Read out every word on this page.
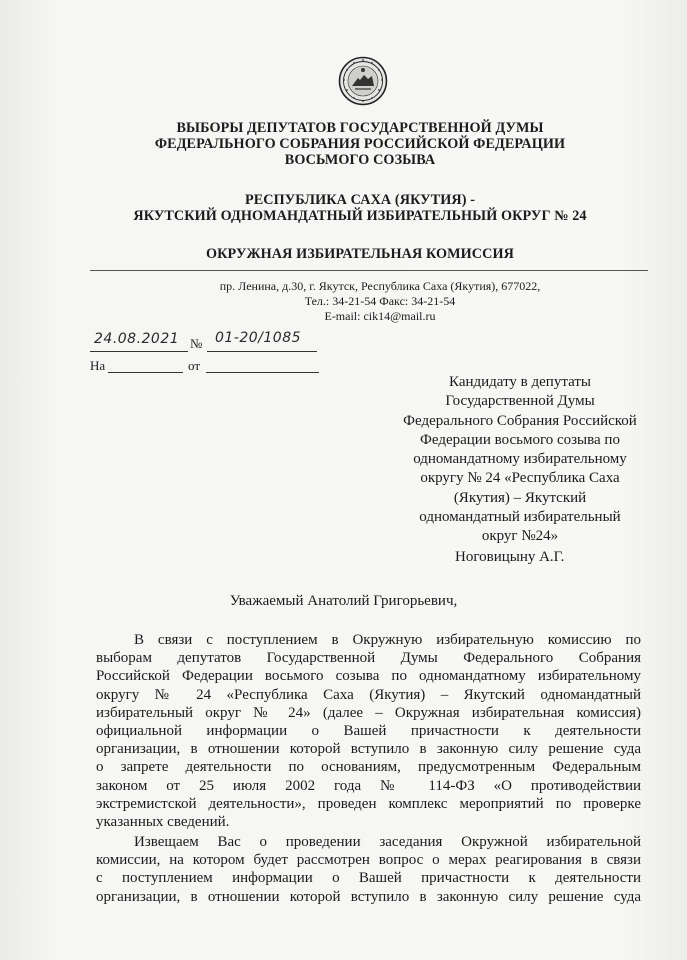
ВЫБОРЫ ДЕПУТАТОВ ГОСУДАРСТВЕННОЙ ДУМЫ
ФЕДЕРАЛЬНОГО СОБРАНИЯ РОССИЙСКОЙ ФЕДЕРАЦИИ
ВОСЬМОГО СОЗЫВА
РЕСПУБЛИКА САХА (ЯКУТИЯ) -
ЯКУТСКИЙ ОДНОМАНДАТНЫЙ ИЗБИРАТЕЛЬНЫЙ ОКРУГ № 24
ОКРУЖНАЯ ИЗБИРАТЕЛЬНАЯ КОМИССИЯ
пр. Ленина, д.30, г. Якутск, Республика Саха (Якутия), 677022,
Тел.: 34-21-54 Факс: 34-21-54
E-mail: cik14@mail.ru
24.08.2021 № 01-20/1085
На	от
Кандидату в депутаты
Государственной Думы
Федерального Собрания Российской
Федерации восьмого созыва по
одномандатному избирательному
округу № 24 «Республика Саха
(Якутия) – Якутский
одномандатный избирательный
округ №24»
Ноговицыну А.Г.
Уважаемый Анатолий Григорьевич,
В связи с поступлением в Окружную избирательную комиссию по
выборам депутатов Государственной Думы Федерального Собрания
Российской Федерации восьмого созыва по одномандатному избирательному
округу № 24 «Республика Саха (Якутия) – Якутский одномандатный
избирательный округ № 24» (далее – Окружная избирательная комиссия)
официальной информации о Вашей причастности к деятельности
организации, в отношении которой вступило в законную силу решение суда
о запрете деятельности по основаниям, предусмотренным Федеральным
законом от 25 июля 2002 года № 114-ФЗ «О противодействии
экстремистской деятельности», проведен комплекс мероприятий по проверке
указанных сведений.
Извещаем Вас о проведении заседания Окружной избирательной
комиссии, на котором будет рассмотрен вопрос о мерах реагирования в связи
с поступлением информации о Вашей причастности к деятельности
организации, в отношении которой вступило в законную силу решение суда
